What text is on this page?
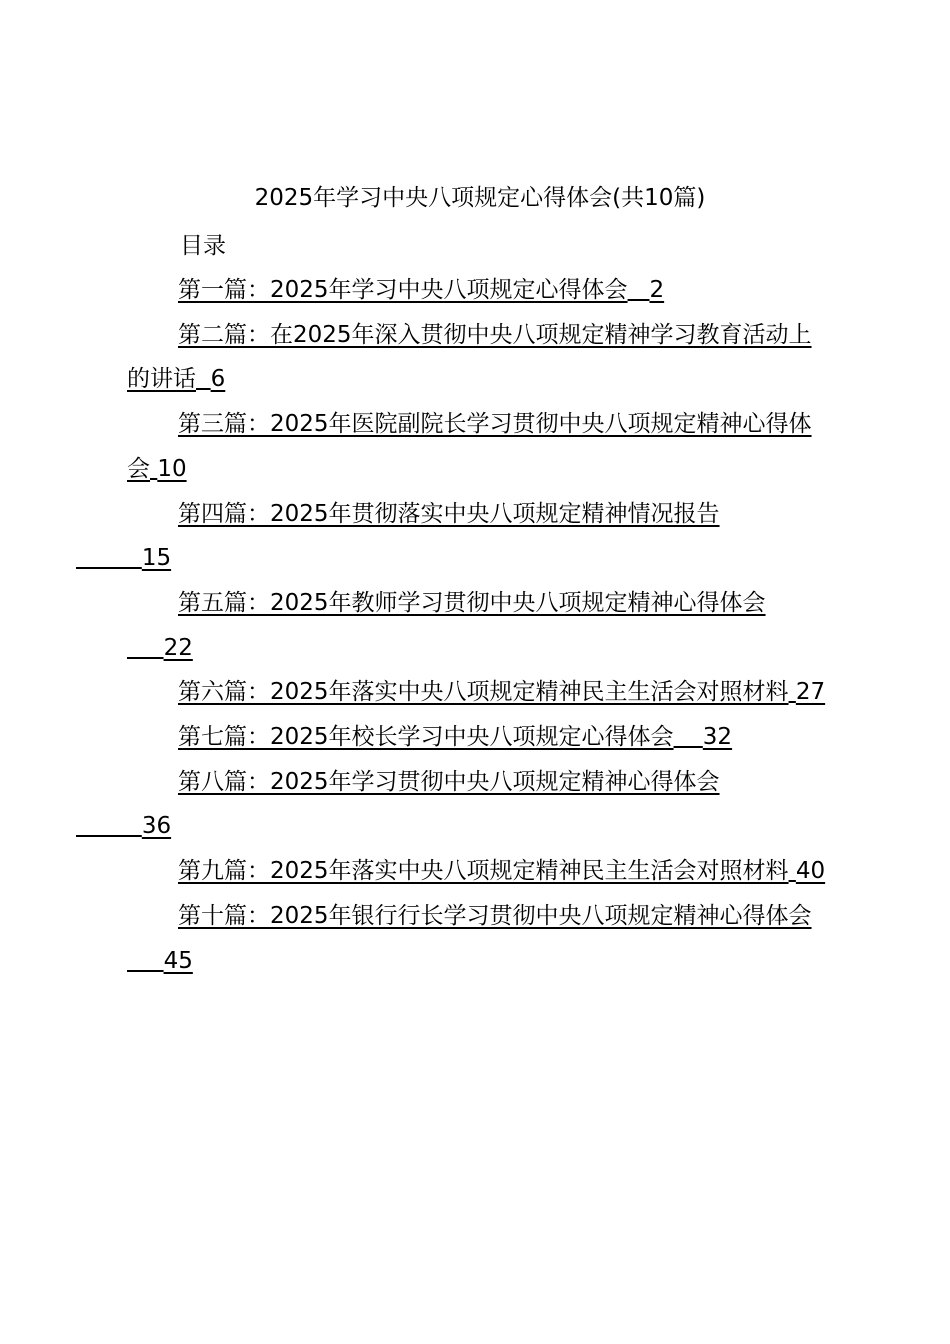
2025年学习中央八项规定心得体会(共10篇)
目录
第一篇：2025年学习中央八项规定心得体会 2
第二篇：在2025年深入贯彻中央八项规定精神学习教育活动上的讲话 6
第三篇：2025年医院副院长学习贯彻中央八项规定精神心得体会 10
第四篇：2025年贯彻落实中央八项规定精神情况报告
15
第五篇：2025年教师学习贯彻中央八项规定精神心得体会     22
第六篇：2025年落实中央八项规定精神民主生活会对照材料 27
第七篇：2025年校长学习中央八项规定心得体会 32
第八篇：2025年学习贯彻中央八项规定精神心得体会
36
第九篇：2025年落实中央八项规定精神民主生活会对照材料 40
第十篇：2025年银行行长学习贯彻中央八项规定精神心得体会     45
